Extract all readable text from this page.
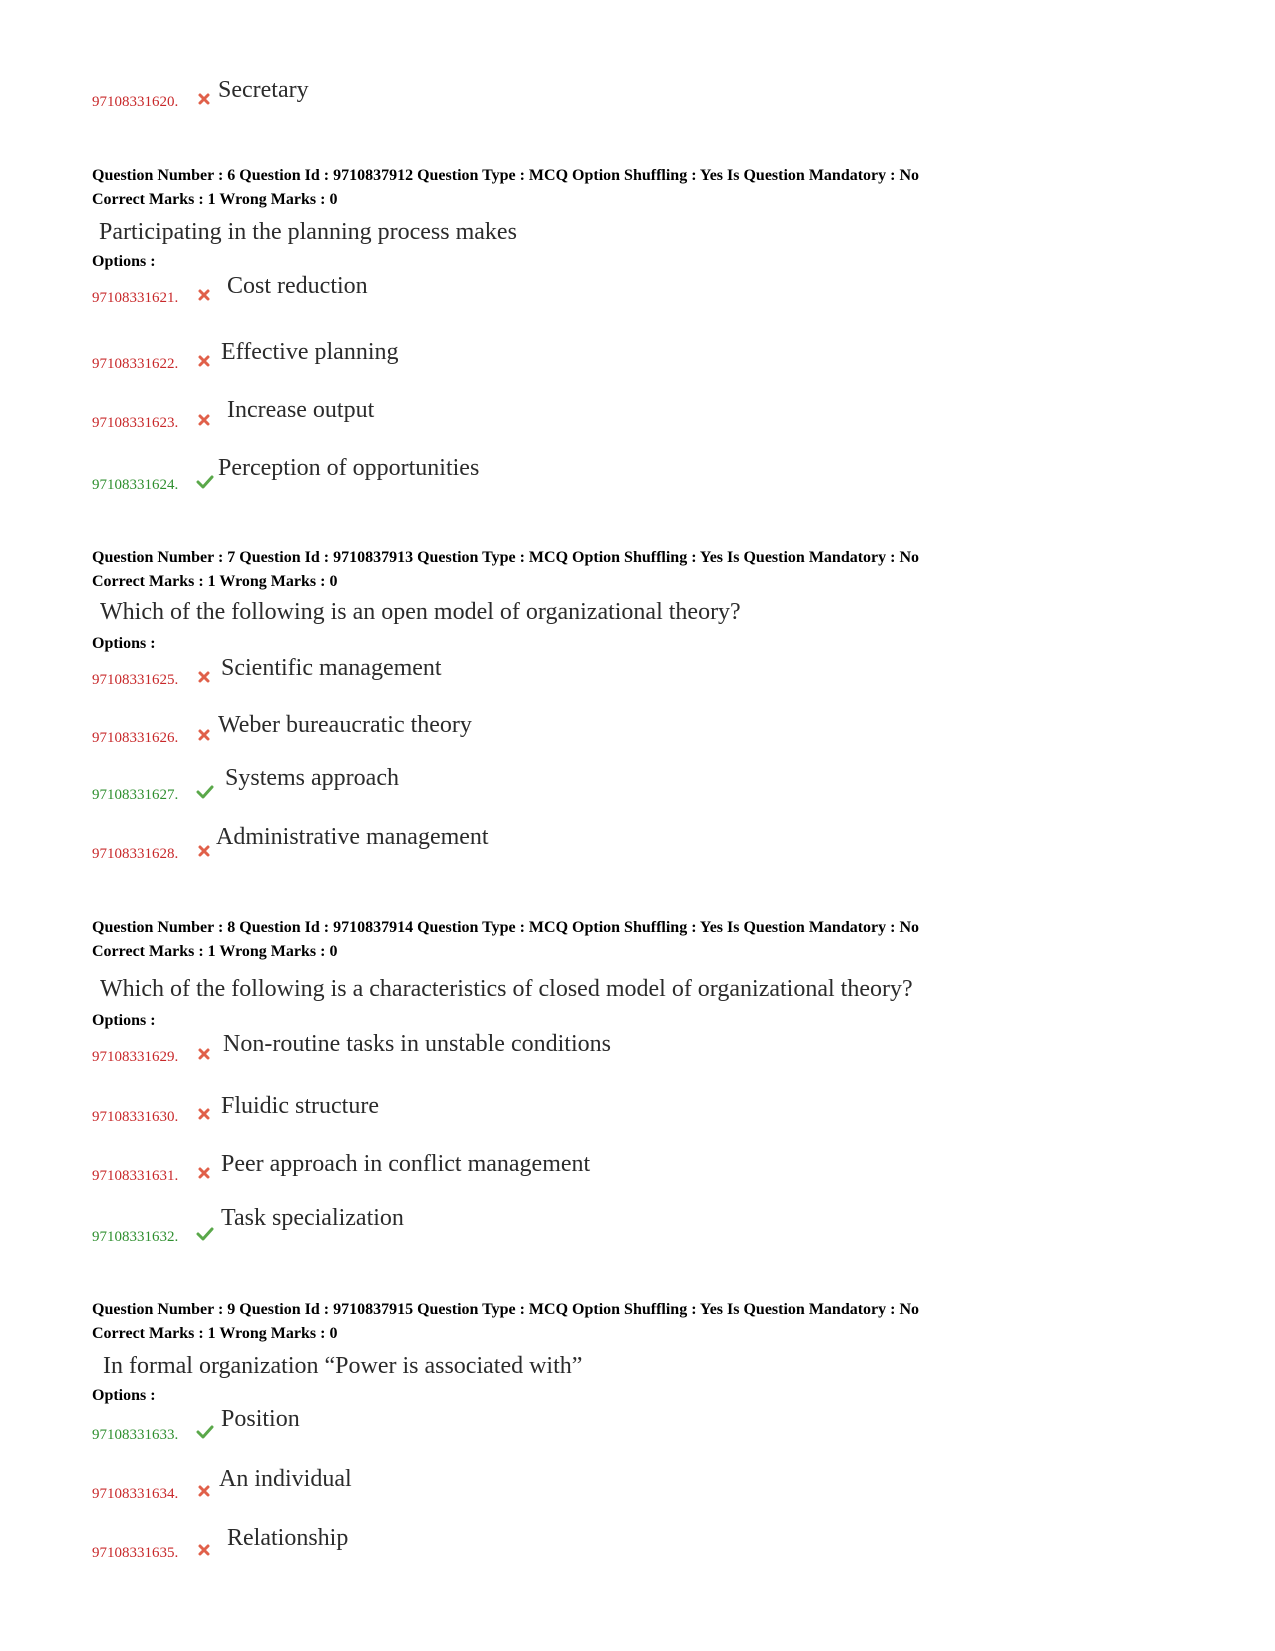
97108331620. Secretary
Question Number : 6 Question Id : 9710837912 Question Type : MCQ Option Shuffling : Yes Is Question Mandatory : No
Correct Marks : 1 Wrong Marks : 0
Participating in the planning process makes
Options :
97108331621. Cost reduction
97108331622. Effective planning
97108331623. Increase output
97108331624.
Perception of opportunities
Question Number : 7 Question Id : 9710837913 Question Type : MCQ Option Shuffling : Yes Is Question Mandatory : No
Correct Marks : 1 Wrong Marks : 0
Which of the following is an open model of organizational theory?
Options :
97108331625. Scientific management
97108331626. Weber bureaucratic theory
97108331627.
Systems approach
97108331628.
Administrative management
Question Number : 8 Question Id : 9710837914 Question Type : MCQ Option Shuffling : Yes Is Question Mandatory : No
Correct Marks : 1 Wrong Marks : 0
Which of the following is a characteristics of closed model of organizational theory?
Options :
97108331629. Non-routine tasks in unstable conditions
97108331630. Fluidic structure
97108331631. Peer approach in conflict management
97108331632.
Task specialization
Question Number : 9 Question Id : 9710837915 Question Type : MCQ Option Shuffling : Yes Is Question Mandatory : No
Correct Marks : 1 Wrong Marks : 0
In formal organization “Power is associated with”
Options :
97108331633.
Position
97108331634.
An individual
97108331635.
Relationship
